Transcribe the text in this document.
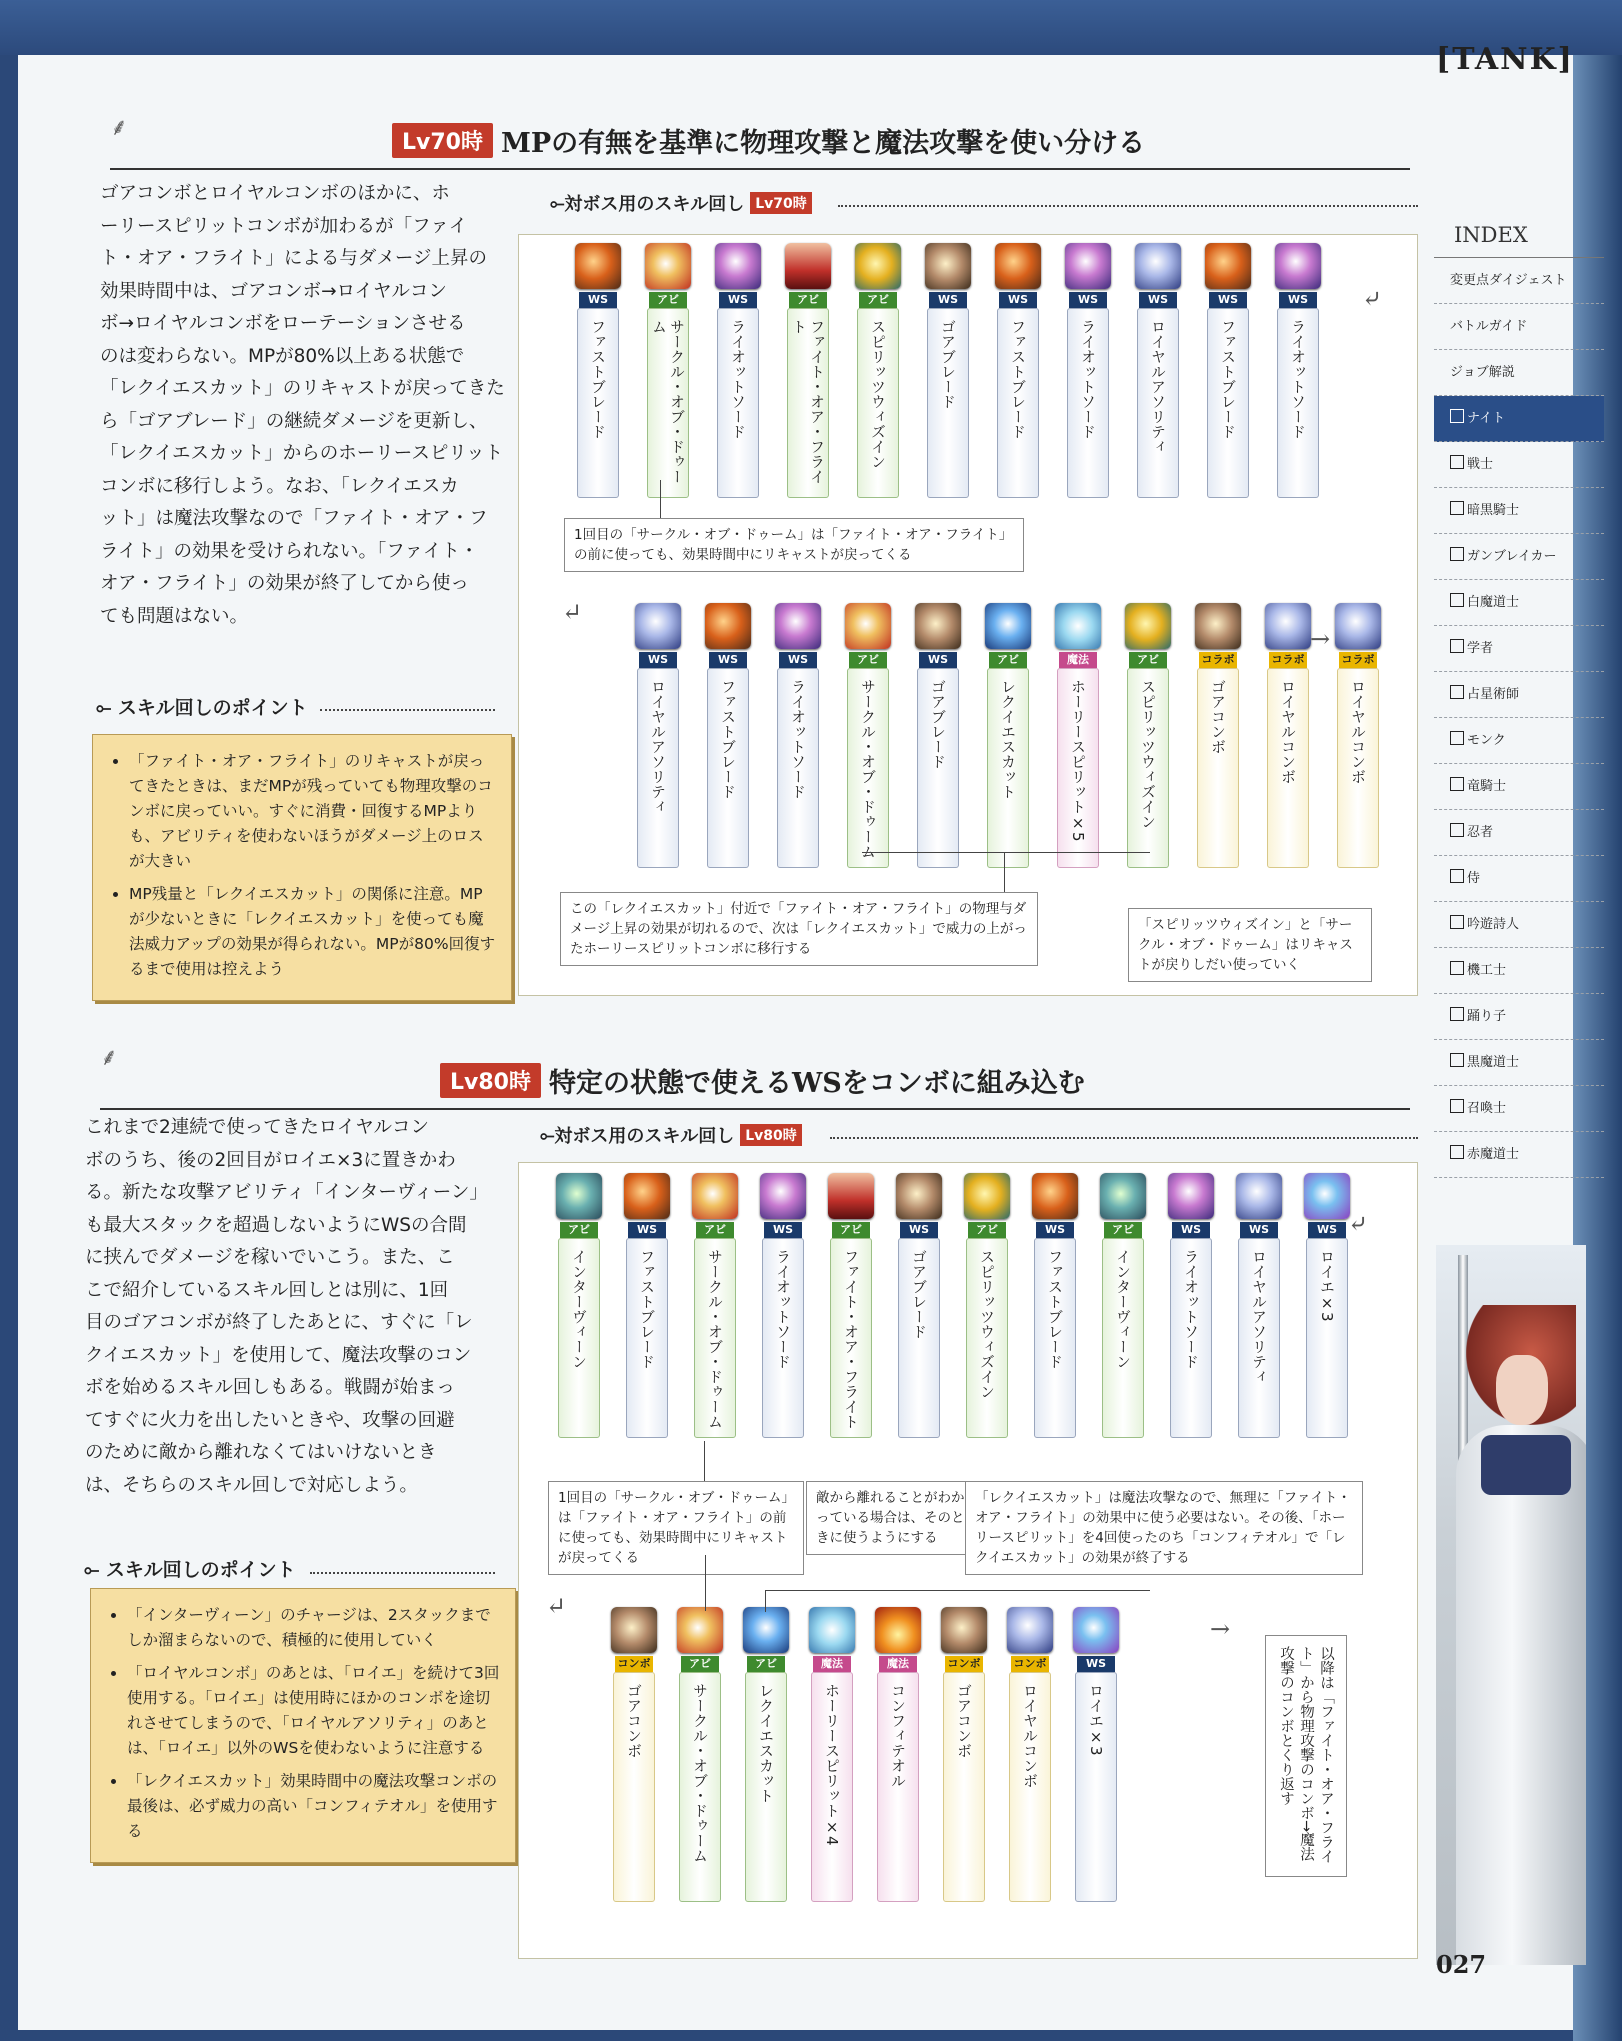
[TANK]
⸙
Lv70時 MPの有無を基準に物理攻撃と魔法攻撃を使い分ける

ゴアコンボとロイヤルコンボのほかに、ホ

ーリースピリットコンボが加わるが「ファイ

ト・オア・フライト」による与ダメージ上昇の

効果時間中は、ゴアコンボ→ロイヤルコン

ボ→ロイヤルコンボをローテーションさせる

のは変わらない。MPが80%以上ある状態で

「レクイエスカット」のリキャストが戻ってきた

ら「ゴアブレード」の継続ダメージを更新し、

「レクイエスカット」からのホーリースピリット

コンボに移行しよう。なお、「レクイエスカ

ット」は魔法攻撃なので「ファイト・オア・フ

ライト」の効果を受けられない。「ファイト・

オア・フライト」の効果が終了してから使っ

ても問題はない。

⟜ スキル回しのポイント
• 「ファイト・オア・フライト」のリキャストが戻ってきたときは、まだMPが残っていても物理攻撃のコンボに戻っていい。すぐに消費・回復するMPよりも、アビリティを使わないほうがダメージ上のロスが大きい
• MP残量と「レクイエスカット」の関係に注意。MPが少ないときに「レクイエスカット」を使っても魔法威力アップの効果が得られない。MPが80%回復するまで使用は控えよう
⟜ 対ボス用のスキル回し Lv70時
WS
ファストブレード
アビ
サークル・オブ・ドゥーム
WS
ライオットソード
アビ
ファイト・オア・フライト
アビ
スピリッツウィズイン
WS
ゴアブレード
WS
ファストブレード
WS
ライオットソード
WS
ロイヤルアソリティ
WS
ファストブレード
WS
ライオットソード
WS
ロイヤルアソリティ
WS
ファストブレード
WS
ライオットソード
アビ
サークル・オブ・ドゥーム
WS
ゴアブレード
アビ
レクイエスカット
魔法
ホーリースピリット×5
アビ
スピリッツウィズイン
コラボ
ゴアコンボ
コラボ
ロイヤルコンボ
コラボ
ロイヤルコンボ
⤶
↵
→
1回目の「サークル・オブ・ドゥーム」は「ファイト・オア・フライト」の前に使っても、効果時間中にリキャストが戻ってくる
この「レクイエスカット」付近で「ファイト・オア・フライト」の物理与ダメージ上昇の効果が切れるので、次は「レクイエスカット」で威力の上がったホーリースピリットコンボに移行する
「スピリッツウィズイン」と「サークル・オブ・ドゥーム」はリキャストが戻りしだい使っていく
⸙
Lv80時 特定の状態で使えるWSをコンボに組み込む

これまで2連続で使ってきたロイヤルコン

ボのうち、後の2回目がロイエ×3に置きかわ

る。新たな攻撃アビリティ「インターヴィーン」

も最大スタックを超過しないようにWSの合間

に挟んでダメージを稼いでいこう。また、こ

こで紹介しているスキル回しとは別に、1回

目のゴアコンボが終了したあとに、すぐに「レ

クイエスカット」を使用して、魔法攻撃のコン

ボを始めるスキル回しもある。戦闘が始まっ

てすぐに火力を出したいときや、攻撃の回避

のために敵から離れなくてはいけないとき

は、そちらのスキル回しで対応しよう。

⟜ スキル回しのポイント
• 「インターヴィーン」のチャージは、2スタックまでしか溜まらないので、積極的に使用していく
• 「ロイヤルコンボ」のあとは、「ロイエ」を続けて3回使用する。「ロイエ」は使用時にほかのコンボを途切れさせてしまうので、「ロイヤルアソリティ」のあとは、「ロイエ」以外のWSを使わないように注意する
• 「レクイエスカット」効果時間中の魔法攻撃コンボの最後は、必ず威力の高い「コンフィテオル」を使用する
⟜ 対ボス用のスキル回し Lv80時
アビ
インターヴィーン
WS
ファストブレード
アビ
サークル・オブ・ドゥーム
WS
ライオットソード
アビ
ファイト・オア・フライト
WS
ゴアブレード
アビ
スピリッツウィズイン
WS
ファストブレード
アビ
インターヴィーン
WS
ライオットソード
WS
ロイヤルアソリティ
WS
ロイエ×3
コンボ
ゴアコンボ
アビ
サークル・オブ・ドゥーム
アビ
レクイエスカット
魔法
ホーリースピリット×4
魔法
コンフィテオル
コンボ
ゴアコンボ
コンボ
ロイヤルコンボ
WS
ロイエ×3
⤶
↵
→
1回目の「サークル・オブ・ドゥーム」は「ファイト・オア・フライト」の前に使っても、効果時間中にリキャストが戻ってくる
敵から離れることがわかっている場合は、そのときに使うようにする
「レクイエスカット」は魔法攻撃なので、無理に「ファイト・オア・フライト」の効果中に使う必要はない。その後、「ホーリースピリット」を4回使ったのち「コンフィテオル」で「レクイエスカット」の効果が終了する
以降は「ファイト・オア・フライト」から物理攻撃のコンボ→魔法攻撃のコンボとくり返す
INDEX
変更点ダイジェスト
バトルガイド
ジョブ解説
ナイト
戦士
暗黒騎士
ガンブレイカー
白魔道士
学者
占星術師
モンク
竜騎士
忍者
侍
吟遊詩人
機工士
踊り子
黒魔道士
召喚士
赤魔道士
027
